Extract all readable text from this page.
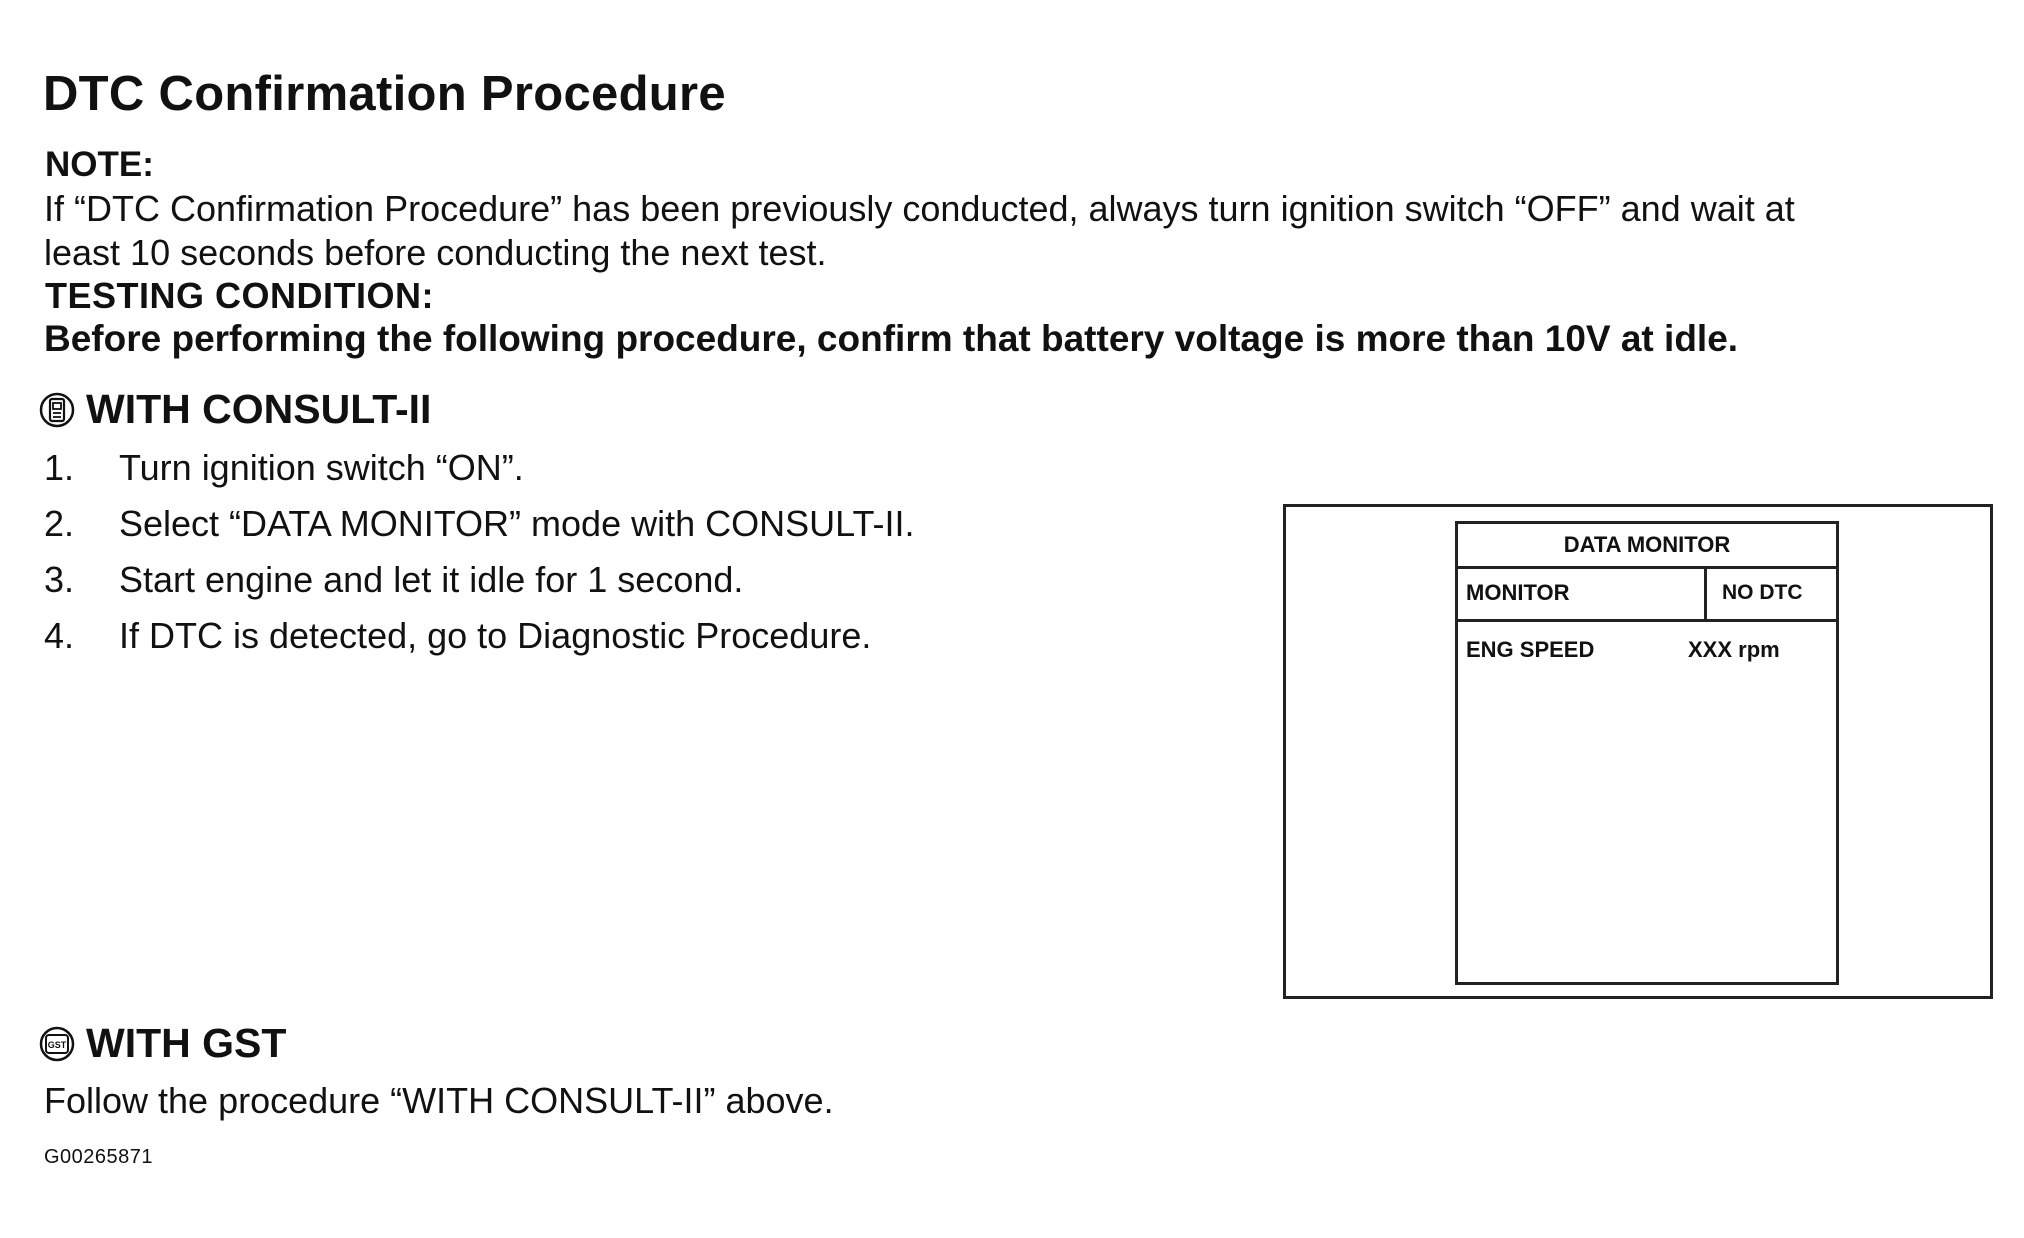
DTC Confirmation Procedure
NOTE:
If “DTC Confirmation Procedure” has been previously conducted, always turn ignition switch “OFF” and wait at
least 10 seconds before conducting the next test.
TESTING CONDITION:
Before performing the following procedure, confirm that battery voltage is more than 10V at idle.
WITH CONSULT-II
1.	Turn ignition switch “ON”.
2.	Select “DATA MONITOR” mode with CONSULT-II.
3.	Start engine and let it idle for 1 second.
4.	If DTC is detected, go to Diagnostic Procedure.
DATA MONITOR
MONITOR	NO DTC
ENG SPEED	XXX rpm
GST WITH GST
Follow the procedure “WITH CONSULT-II” above.
G00265871
